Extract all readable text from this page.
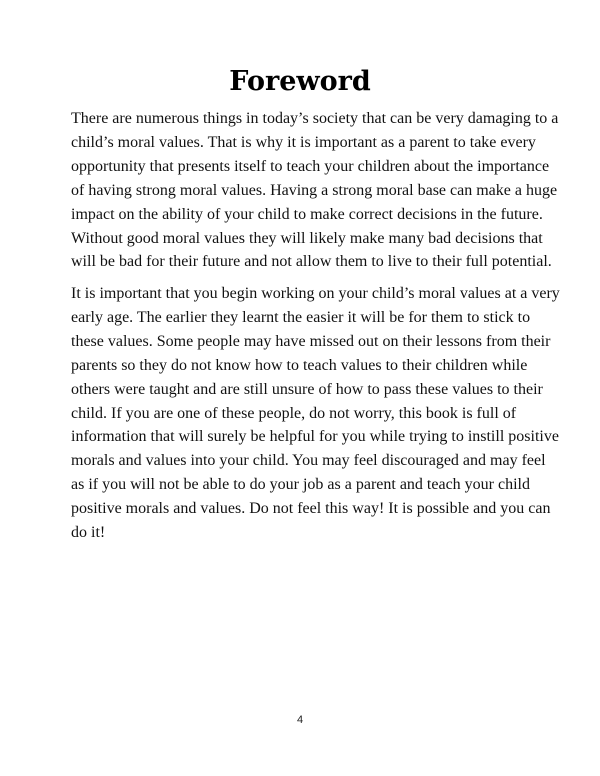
Foreword

There are numerous things in today’s society that can be very damaging to a
child’s moral values. That is why it is important as a parent to take every
opportunity that presents itself to teach your children about the importance
of having strong moral values. Having a strong moral base can make a huge
impact on the ability of your child to make correct decisions in the future.
Without good moral values they will likely make many bad decisions that
will be bad for their future and not allow them to live to their full potential.

It is important that you begin working on your child’s moral values at a very
early age. The earlier they learnt the easier it will be for them to stick to
these values. Some people may have missed out on their lessons from their
parents so they do not know how to teach values to their children while
others were taught and are still unsure of how to pass these values to their
child. If you are one of these people, do not worry, this book is full of
information that will surely be helpful for you while trying to instill positive
morals and values into your child. You may feel discouraged and may feel
as if you will not be able to do your job as a parent and teach your child
positive morals and values. Do not feel this way! It is possible and you can
do it!

4
